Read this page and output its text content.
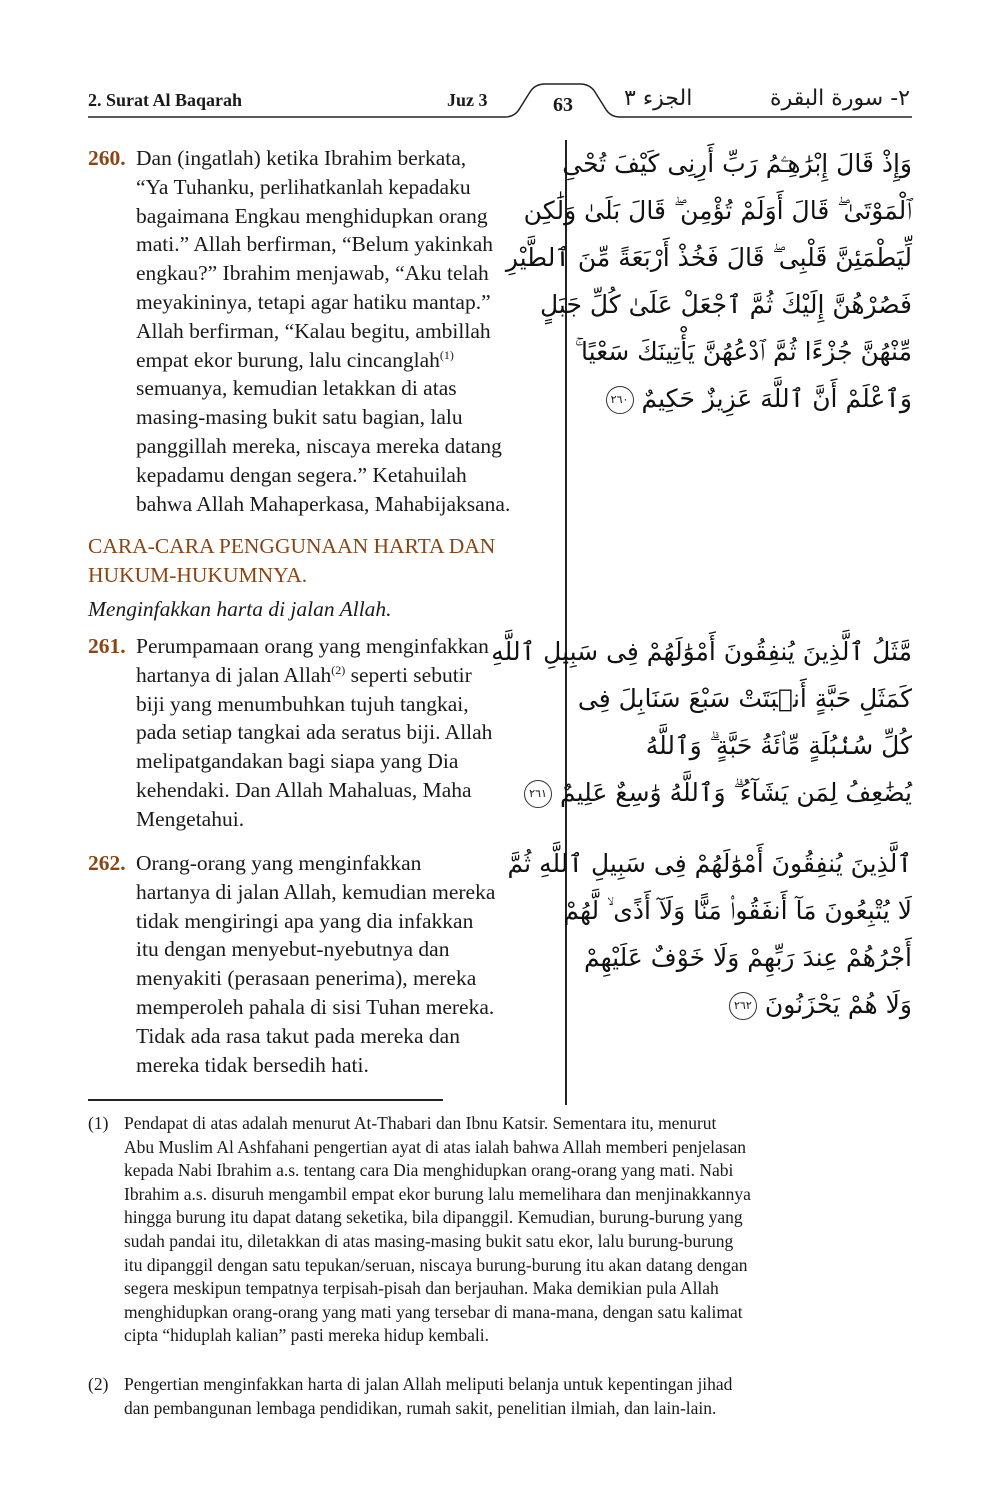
2. Surat Al Baqarah	Juz 3	63	الجزء ٣	٢- سورة البقرة
260. Dan (ingatlah) ketika Ibrahim berkata,
“Ya Tuhanku, perlihatkanlah kepadaku
bagaimana Engkau menghidupkan orang
mati.” Allah berfirman, “Belum yakinkah
engkau?” Ibrahim menjawab, “Aku telah
meyakininya, tetapi agar hatiku mantap.”
Allah berfirman, “Kalau begitu, ambillah
empat ekor burung, lalu cincanglah$^{(1)}$
semuanya, kemudian letakkan di atas
masing-masing bukit satu bagian, lalu
panggillah mereka, niscaya mereka datang
kepadamu dengan segera.” Ketahuilah
bahwa Allah Mahaperkasa, Mahabijaksana.
وَإِذْ قَالَ إِبْرَٰهِـۧمُ رَبِّ أَرِنِى كَيْفَ تُحْىِ
ٱلْمَوْتَىٰ ۖ قَالَ أَوَلَمْ تُؤْمِن ۖ قَالَ بَلَىٰ وَلَٰكِن
لِّيَطْمَئِنَّ قَلْبِى ۖ قَالَ فَخُذْ أَرْبَعَةً مِّنَ ٱلطَّيْرِ
فَصُرْهُنَّ إِلَيْكَ ثُمَّ ٱجْعَلْ عَلَىٰ كُلِّ جَبَلٍ
مِّنْهُنَّ جُزْءًا ثُمَّ ٱدْعُهُنَّ يَأْتِينَكَ سَعْيًا ۚ
وَٱعْلَمْ أَنَّ ٱللَّهَ عَزِيزٌ حَكِيمٌ ٢٦٠
CARA-CARA PENGGUNAAN HARTA DAN
HUKUM-HUKUMNYA.
Menginfakkan harta di jalan Allah.
261. Perumpamaan orang yang menginfakkan
hartanya di jalan Allah$^{(2)}$ seperti sebutir
biji yang menumbuhkan tujuh tangkai,
pada setiap tangkai ada seratus biji. Allah
melipatgandakan bagi siapa yang Dia
kehendaki. Dan Allah Mahaluas, Maha
Mengetahui.
مَّثَلُ ٱلَّذِينَ يُنفِقُونَ أَمْوَٰلَهُمْ فِى سَبِيلِ ٱللَّهِ
كَمَثَلِ حَبَّةٍ أَنۢبَتَتْ سَبْعَ سَنَابِلَ فِى
كُلِّ سُنۢبُلَةٍ مِّا۟ئَةُ حَبَّةٍ ۗ وَٱللَّهُ
يُضَٰعِفُ لِمَن يَشَآءُ ۗ وَٱللَّهُ وَٰسِعٌ عَلِيمٌ ٢٦١
262. Orang-orang yang menginfakkan
hartanya di jalan Allah, kemudian mereka
tidak mengiringi apa yang dia infakkan
itu dengan menyebut-nyebutnya dan
menyakiti (perasaan penerima), mereka
memperoleh pahala di sisi Tuhan mereka.
Tidak ada rasa takut pada mereka dan
mereka tidak bersedih hati.
ٱلَّذِينَ يُنفِقُونَ أَمْوَٰلَهُمْ فِى سَبِيلِ ٱللَّهِ ثُمَّ
لَا يُتْبِعُونَ مَآ أَنفَقُوا۟ مَنًّا وَلَآ أَذًى ۙ لَّهُمْ
أَجْرُهُمْ عِندَ رَبِّهِمْ وَلَا خَوْفٌ عَلَيْهِمْ
وَلَا هُمْ يَحْزَنُونَ ٢٦٢
(1) Pendapat di atas adalah menurut At-Thabari dan Ibnu Katsir. Sementara itu, menurut
Abu Muslim Al Ashfahani pengertian ayat di atas ialah bahwa Allah memberi penjelasan
kepada Nabi Ibrahim a.s. tentang cara Dia menghidupkan orang-orang yang mati. Nabi
Ibrahim a.s. disuruh mengambil empat ekor burung lalu memelihara dan menjinakkannya
hingga burung itu dapat datang seketika, bila dipanggil. Kemudian, burung-burung yang
sudah pandai itu, diletakkan di atas masing-masing bukit satu ekor, lalu burung-burung
itu dipanggil dengan satu tepukan/seruan, niscaya burung-burung itu akan datang dengan
segera meskipun tempatnya terpisah-pisah dan berjauhan. Maka demikian pula Allah
menghidupkan orang-orang yang mati yang tersebar di mana-mana, dengan satu kalimat
cipta “hiduplah kalian” pasti mereka hidup kembali.
(2) Pengertian menginfakkan harta di jalan Allah meliputi belanja untuk kepentingan jihad
dan pembangunan lembaga pendidikan, rumah sakit, penelitian ilmiah, dan lain-lain.
